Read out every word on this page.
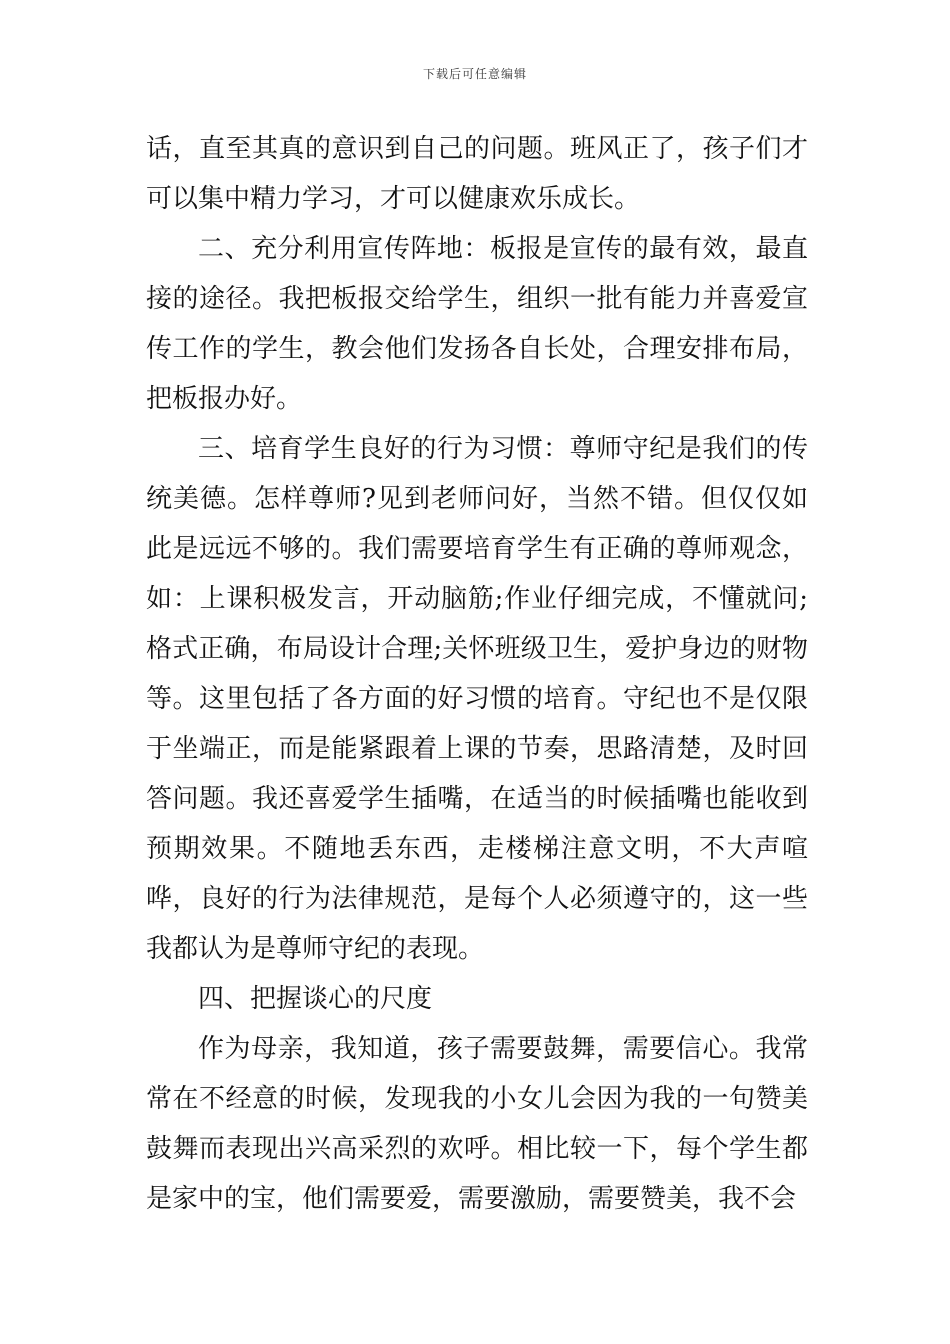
下载后可任意编辑

话，直至其真的意识到自己的问题。班风正了，孩子们才可以集中精力学习，才可以健康欢乐成长。

二、充分利用宣传阵地：板报是宣传的最有效，最直接的途径。我把板报交给学生，组织一批有能力并喜爱宣传工作的学生，教会他们发扬各自长处，合理安排布局，把板报办好。

三、培育学生良好的行为习惯：尊师守纪是我们的传统美德。怎样尊师?见到老师问好，当然不错。但仅仅如此是远远不够的。我们需要培育学生有正确的尊师观念，如：上课积极发言，开动脑筋;作业仔细完成，不懂就问;格式正确，布局设计合理;关怀班级卫生，爱护身边的财物等。这里包括了各方面的好习惯的培育。守纪也不是仅限于坐端正，而是能紧跟着上课的节奏，思路清楚，及时回答问题。我还喜爱学生插嘴，在适当的时候插嘴也能收到预期效果。不随地丢东西，走楼梯注意文明，不大声喧哗，良好的行为法律规范，是每个人必须遵守的，这一些我都认为是尊师守纪的表现。

四、把握谈心的尺度

作为母亲，我知道，孩子需要鼓舞，需要信心。我常常在不经意的时候，发现我的小女儿会因为我的一句赞美鼓舞而表现出兴高采烈的欢呼。相比较一下，每个学生都是家中的宝，他们需要爱，需要激励，需要赞美，我不会
